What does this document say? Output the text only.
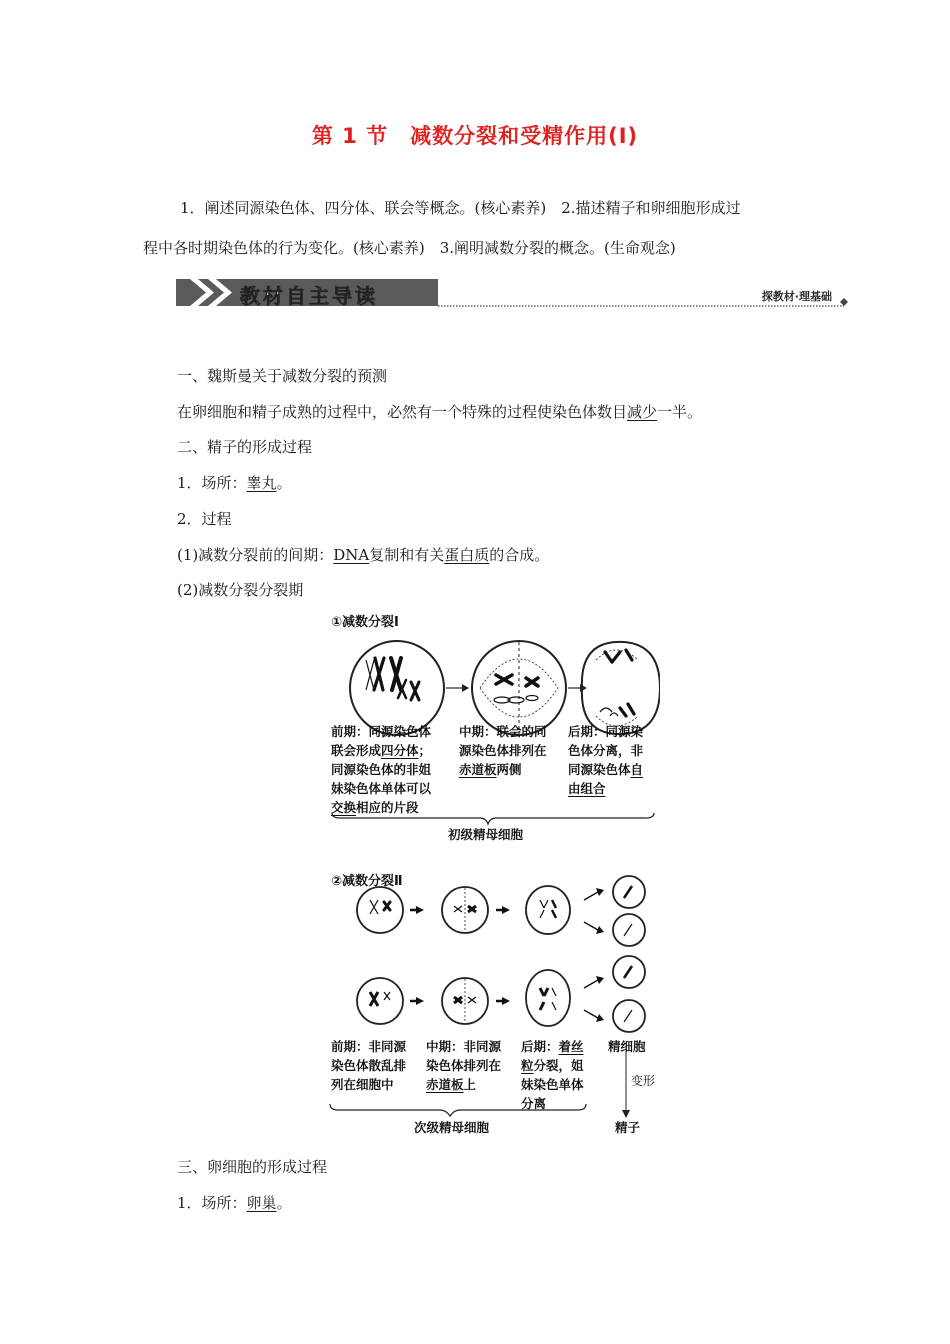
第 1 节　减数分裂和受精作用(Ⅰ)
1．阐述同源染色体、四分体、联会等概念。(核心素养)　2.描述精子和卵细胞形成过
程中各时期染色体的行为变化。(核心素养)　3.阐明减数分裂的概念。(生命观念)
教材自主导读	探教材·理基础
一、魏斯曼关于减数分裂的预测
在卵细胞和精子成熟的过程中，必然有一个特殊的过程使染色体数目减少一半。
二、精子的形成过程
1．场所：睾丸。
2．过程
(1)减数分裂前的间期：DNA复制和有关蛋白质的合成。
(2)减数分裂分裂期
①减数分裂Ⅰ
前期：同源染色体
联会形成四分体；
同源染色体的非姐
妹染色体单体可以
交换相应的片段
中期：联会的同
源染色体排列在
赤道板两侧
后期：同源染
色体分离，非
同源染色体自
由组合
初级精母细胞
②减数分裂Ⅱ
前期：非同源
染色体散乱排
列在细胞中
中期：非同源
染色体排列在
赤道板上
后期：着丝
粒分裂，姐
妹染色单体
分离
精细胞
变形
精子
次级精母细胞
三、卵细胞的形成过程
1．场所：卵巢。
